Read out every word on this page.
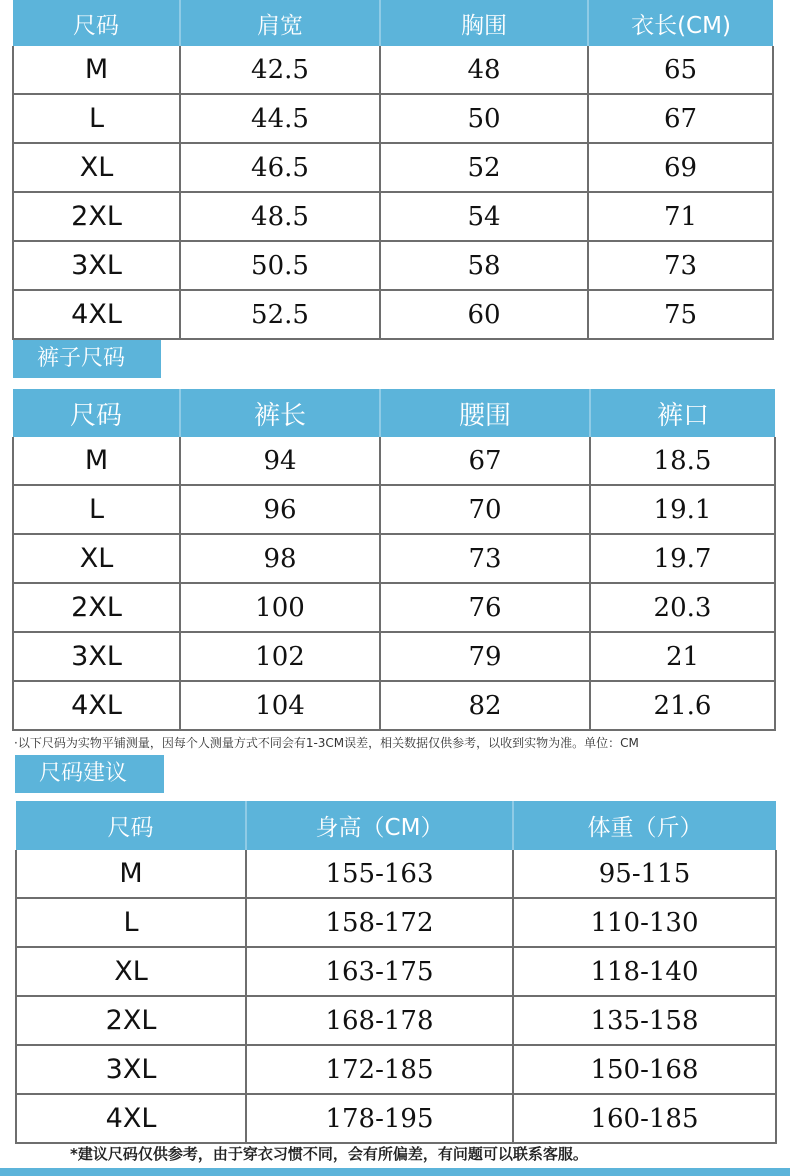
尺码	肩宽	胸围	衣长(CM)
M	42.5	48	65
L	44.5	50	67
XL	46.5	52	69
2XL	48.5	54	71
3XL	50.5	58	73
4XL	52.5	60	75
裤子尺码
尺码	裤长	腰围	裤口
M	94	67	18.5
L	96	70	19.1
XL	98	73	19.7
2XL	100	76	20.3
3XL	102	79	21
4XL	104	82	21.6
·以下尺码为实物平铺测量，因每个人测量方式不同会有1-3CM误差，相关数据仅供参考，以收到实物为准。单位：CM
尺码建议
尺码	身高（CM）	体重（斤）
M	155-163	95-115
L	158-172	110-130
XL	163-175	118-140
2XL	168-178	135-158
3XL	172-185	150-168
4XL	178-195	160-185
*建议尺码仅供参考，由于穿衣习惯不同，会有所偏差，有问题可以联系客服。
